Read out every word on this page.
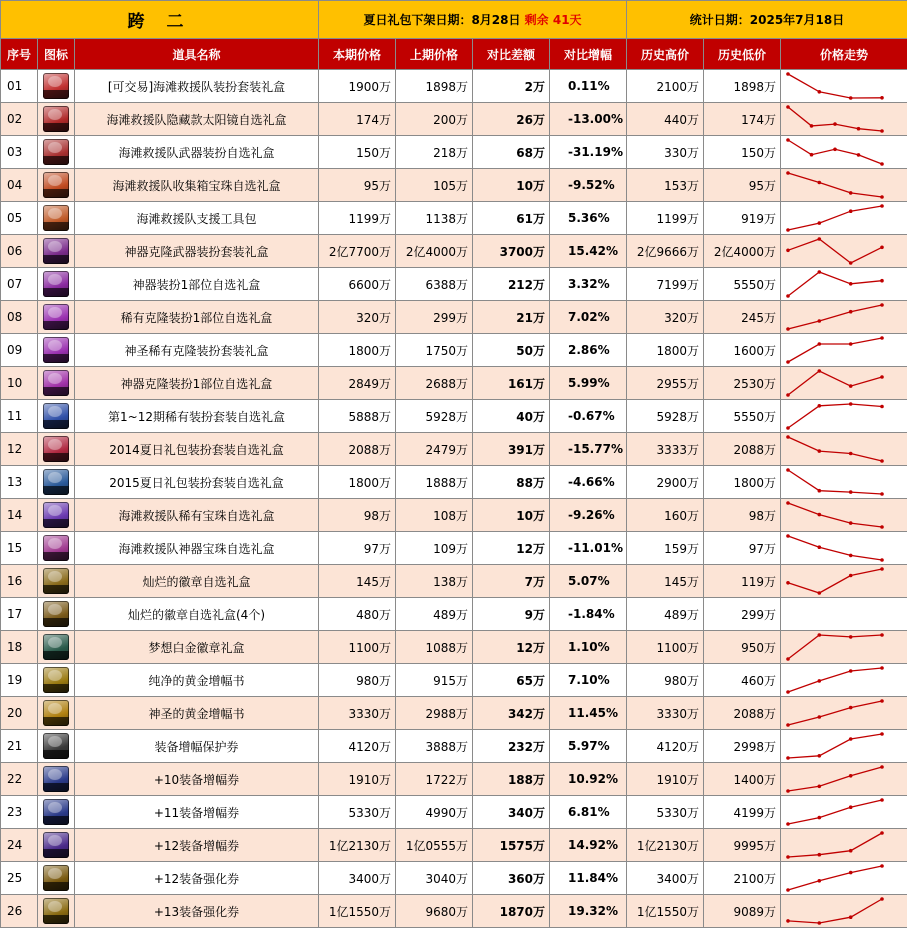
跨 二			夏日礼包下架日期：8月28日 剩余 41天				统计日期：2025年7月18日		
序号	图标	道具名称	本期价格	上期价格	对比差额	对比增幅	历史高价	历史低价	价格走势
01		[可交易]海滩救援队装扮套装礼盒	1900万	1898万	2万	0.11%	2100万	1898万	

02		海滩救援队隐藏款太阳镜自选礼盒	174万	200万	26万	-13.00%	440万	174万	

03		海滩救援队武器装扮自选礼盒	150万	218万	68万	-31.19%	330万	150万	

04		海滩救援队收集箱宝珠自选礼盒	95万	105万	10万	-9.52%	153万	95万	

05		海滩救援队支援工具包	1199万	1138万	61万	5.36%	1199万	919万	

06		神器克隆武器装扮套装礼盒	2亿7700万	2亿4000万	3700万	15.42%	2亿9666万	2亿4000万	

07		神器装扮1部位自选礼盒	6600万	6388万	212万	3.32%	7199万	5550万	

08		稀有克隆装扮1部位自选礼盒	320万	299万	21万	7.02%	320万	245万	

09		神圣稀有克隆装扮套装礼盒	1800万	1750万	50万	2.86%	1800万	1600万	

10		神器克隆装扮1部位自选礼盒	2849万	2688万	161万	5.99%	2955万	2530万	

11		第1~12期稀有装扮套装自选礼盒	5888万	5928万	40万	-0.67%	5928万	5550万	

12		2014夏日礼包装扮套装自选礼盒	2088万	2479万	391万	-15.77%	3333万	2088万	

13		2015夏日礼包装扮套装自选礼盒	1800万	1888万	88万	-4.66%	2900万	1800万	

14		海滩救援队稀有宝珠自选礼盒	98万	108万	10万	-9.26%	160万	98万	

15		海滩救援队神器宝珠自选礼盒	97万	109万	12万	-11.01%	159万	97万	

16		灿烂的徽章自选礼盒	145万	138万	7万	5.07%	145万	119万	

17		灿烂的徽章自选礼盒(4个)	480万	489万	9万	-1.84%	489万	299万	

18		梦想白金徽章礼盒	1100万	1088万	12万	1.10%	1100万	950万	

19		纯净的黄金增幅书	980万	915万	65万	7.10%	980万	460万	

20		神圣的黄金增幅书	3330万	2988万	342万	11.45%	3330万	2088万	

21		装备增幅保护券	4120万	3888万	232万	5.97%	4120万	2998万	

22		+10装备增幅券	1910万	1722万	188万	10.92%	1910万	1400万	

23		+11装备增幅券	5330万	4990万	340万	6.81%	5330万	4199万	

24		+12装备增幅券	1亿2130万	1亿0555万	1575万	14.92%	1亿2130万	9995万	

25		+12装备强化券	3400万	3040万	360万	11.84%	3400万	2100万	

26		+13装备强化券	1亿1550万	9680万	1870万	19.32%	1亿1550万	9089万	
